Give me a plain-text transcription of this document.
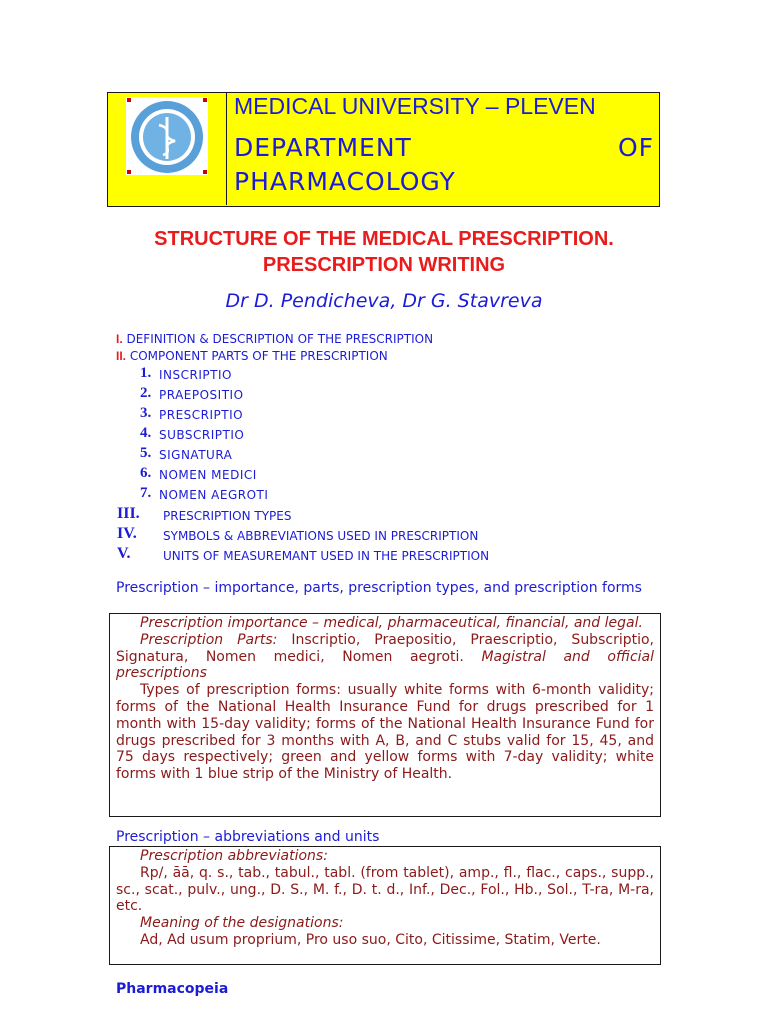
MEDICAL UNIVERSITY – PLEVEN
DEPARTMENT	OF
PHARMACOLOGY
STRUCTURE OF THE MEDICAL PRESCRIPTION.
PRESCRIPTION WRITING
Dr D. Pendicheva, Dr G. Stavreva
I. DEFINITION & DESCRIPTION OF THE PRESCRIPTION
II. COMPONENT PARTS OF THE PRESCRIPTION
1. INSCRIPTIO
2. PRAEPOSITIO
3. PRESCRIPTIO
4. SUBSCRIPTIO
5. SIGNATURA
6. NOMEN MEDICI
7. NOMEN AEGROTI
III. PRESCRIPTION TYPES
IV. SYMBOLS & ABBREVIATIONS USED IN PRESCRIPTION
V.	UNITS OF MEASUREMANT USED IN THE PRESCRIPTION
Prescription – importance, parts, prescription types, and prescription forms

Prescription importance – medical, pharmaceutical, financial, and legal.

Prescription Parts: Inscriptio, Praepositio, Praescriptio, Subscriptio, Signatura, Nomen medici, Nomen aegroti. Magistral and official prescriptions

Types of prescription forms: usually white forms with 6-month validity; forms of the National Health Insurance Fund for drugs prescribed for 1 month with 15-day validity; forms of the National Health Insurance Fund for drugs prescribed for 3 months with A, B, and C stubs valid for 15, 45, and 75 days respectively; green and yellow forms with 7-day validity; white forms with 1 blue strip of the Ministry of Health.

Prescription – abbreviations and units

Prescription abbreviations:

Rp/, āā, q. s., tab., tabul., tabl. (from tablet), amp., fl., flac., caps., supp., sc., scat., pulv., ung., D. S., M. f., D. t. d., Inf., Dec., Fol., Hb., Sol., T-ra, M-ra, etc.

Meaning of the designations:

Ad, Ad usum proprium, Pro uso suo, Cito, Citissime, Statim, Verte.

Pharmacopeia
